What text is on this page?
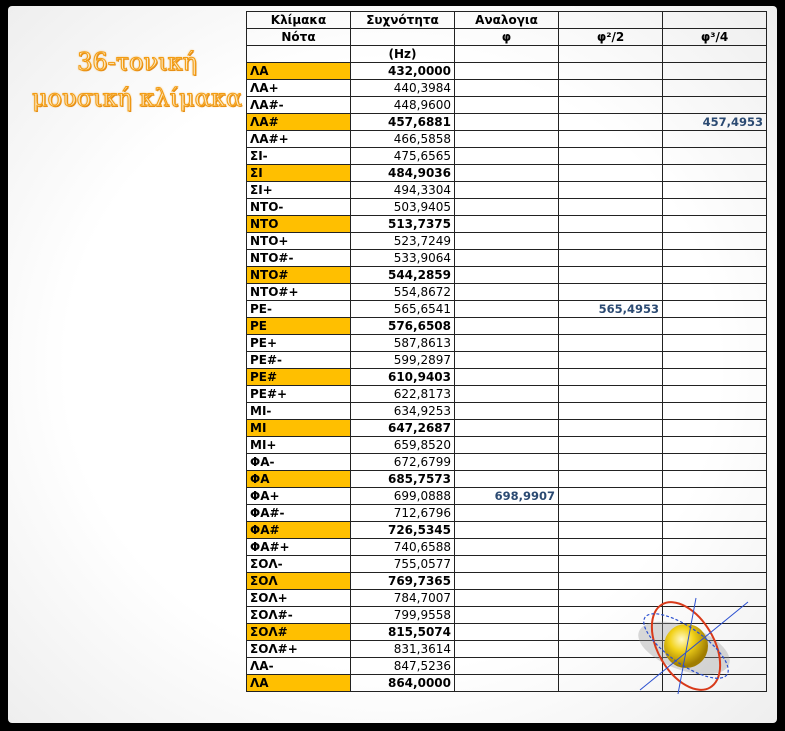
36-τονική
μουσική κλίμακα
Κλίμακα	Συχνότητα	Αναλογια		
Νότα		φ	φ²/2	φ³/4
	(Hz)			
ΛΑ	432,0000			
ΛΑ+	440,3984			
ΛΑ#-	448,9600			
ΛΑ#	457,6881			457,4953
ΛΑ#+	466,5858			
ΣΙ-	475,6565			
ΣΙ	484,9036			
ΣΙ+	494,3304			
ΝΤΟ-	503,9405			
ΝΤΟ	513,7375			
ΝΤΟ+	523,7249			
ΝΤΟ#-	533,9064			
ΝΤΟ#	544,2859			
ΝΤΟ#+	554,8672			
ΡΕ-	565,6541		565,4953	
ΡΕ	576,6508			
ΡΕ+	587,8613			
ΡΕ#-	599,2897			
ΡΕ#	610,9403			
ΡΕ#+	622,8173			
ΜΙ-	634,9253			
ΜΙ	647,2687			
ΜΙ+	659,8520			
ΦΑ-	672,6799			
ΦΑ	685,7573			
ΦΑ+	699,0888	698,9907		
ΦΑ#-	712,6796			
ΦΑ#	726,5345			
ΦΑ#+	740,6588			
ΣΟΛ-	755,0577			
ΣΟΛ	769,7365			
ΣΟΛ+	784,7007			
ΣΟΛ#-	799,9558			
ΣΟΛ#	815,5074			
ΣΟΛ#+	831,3614			
ΛΑ-	847,5236			
ΛΑ	864,0000			
